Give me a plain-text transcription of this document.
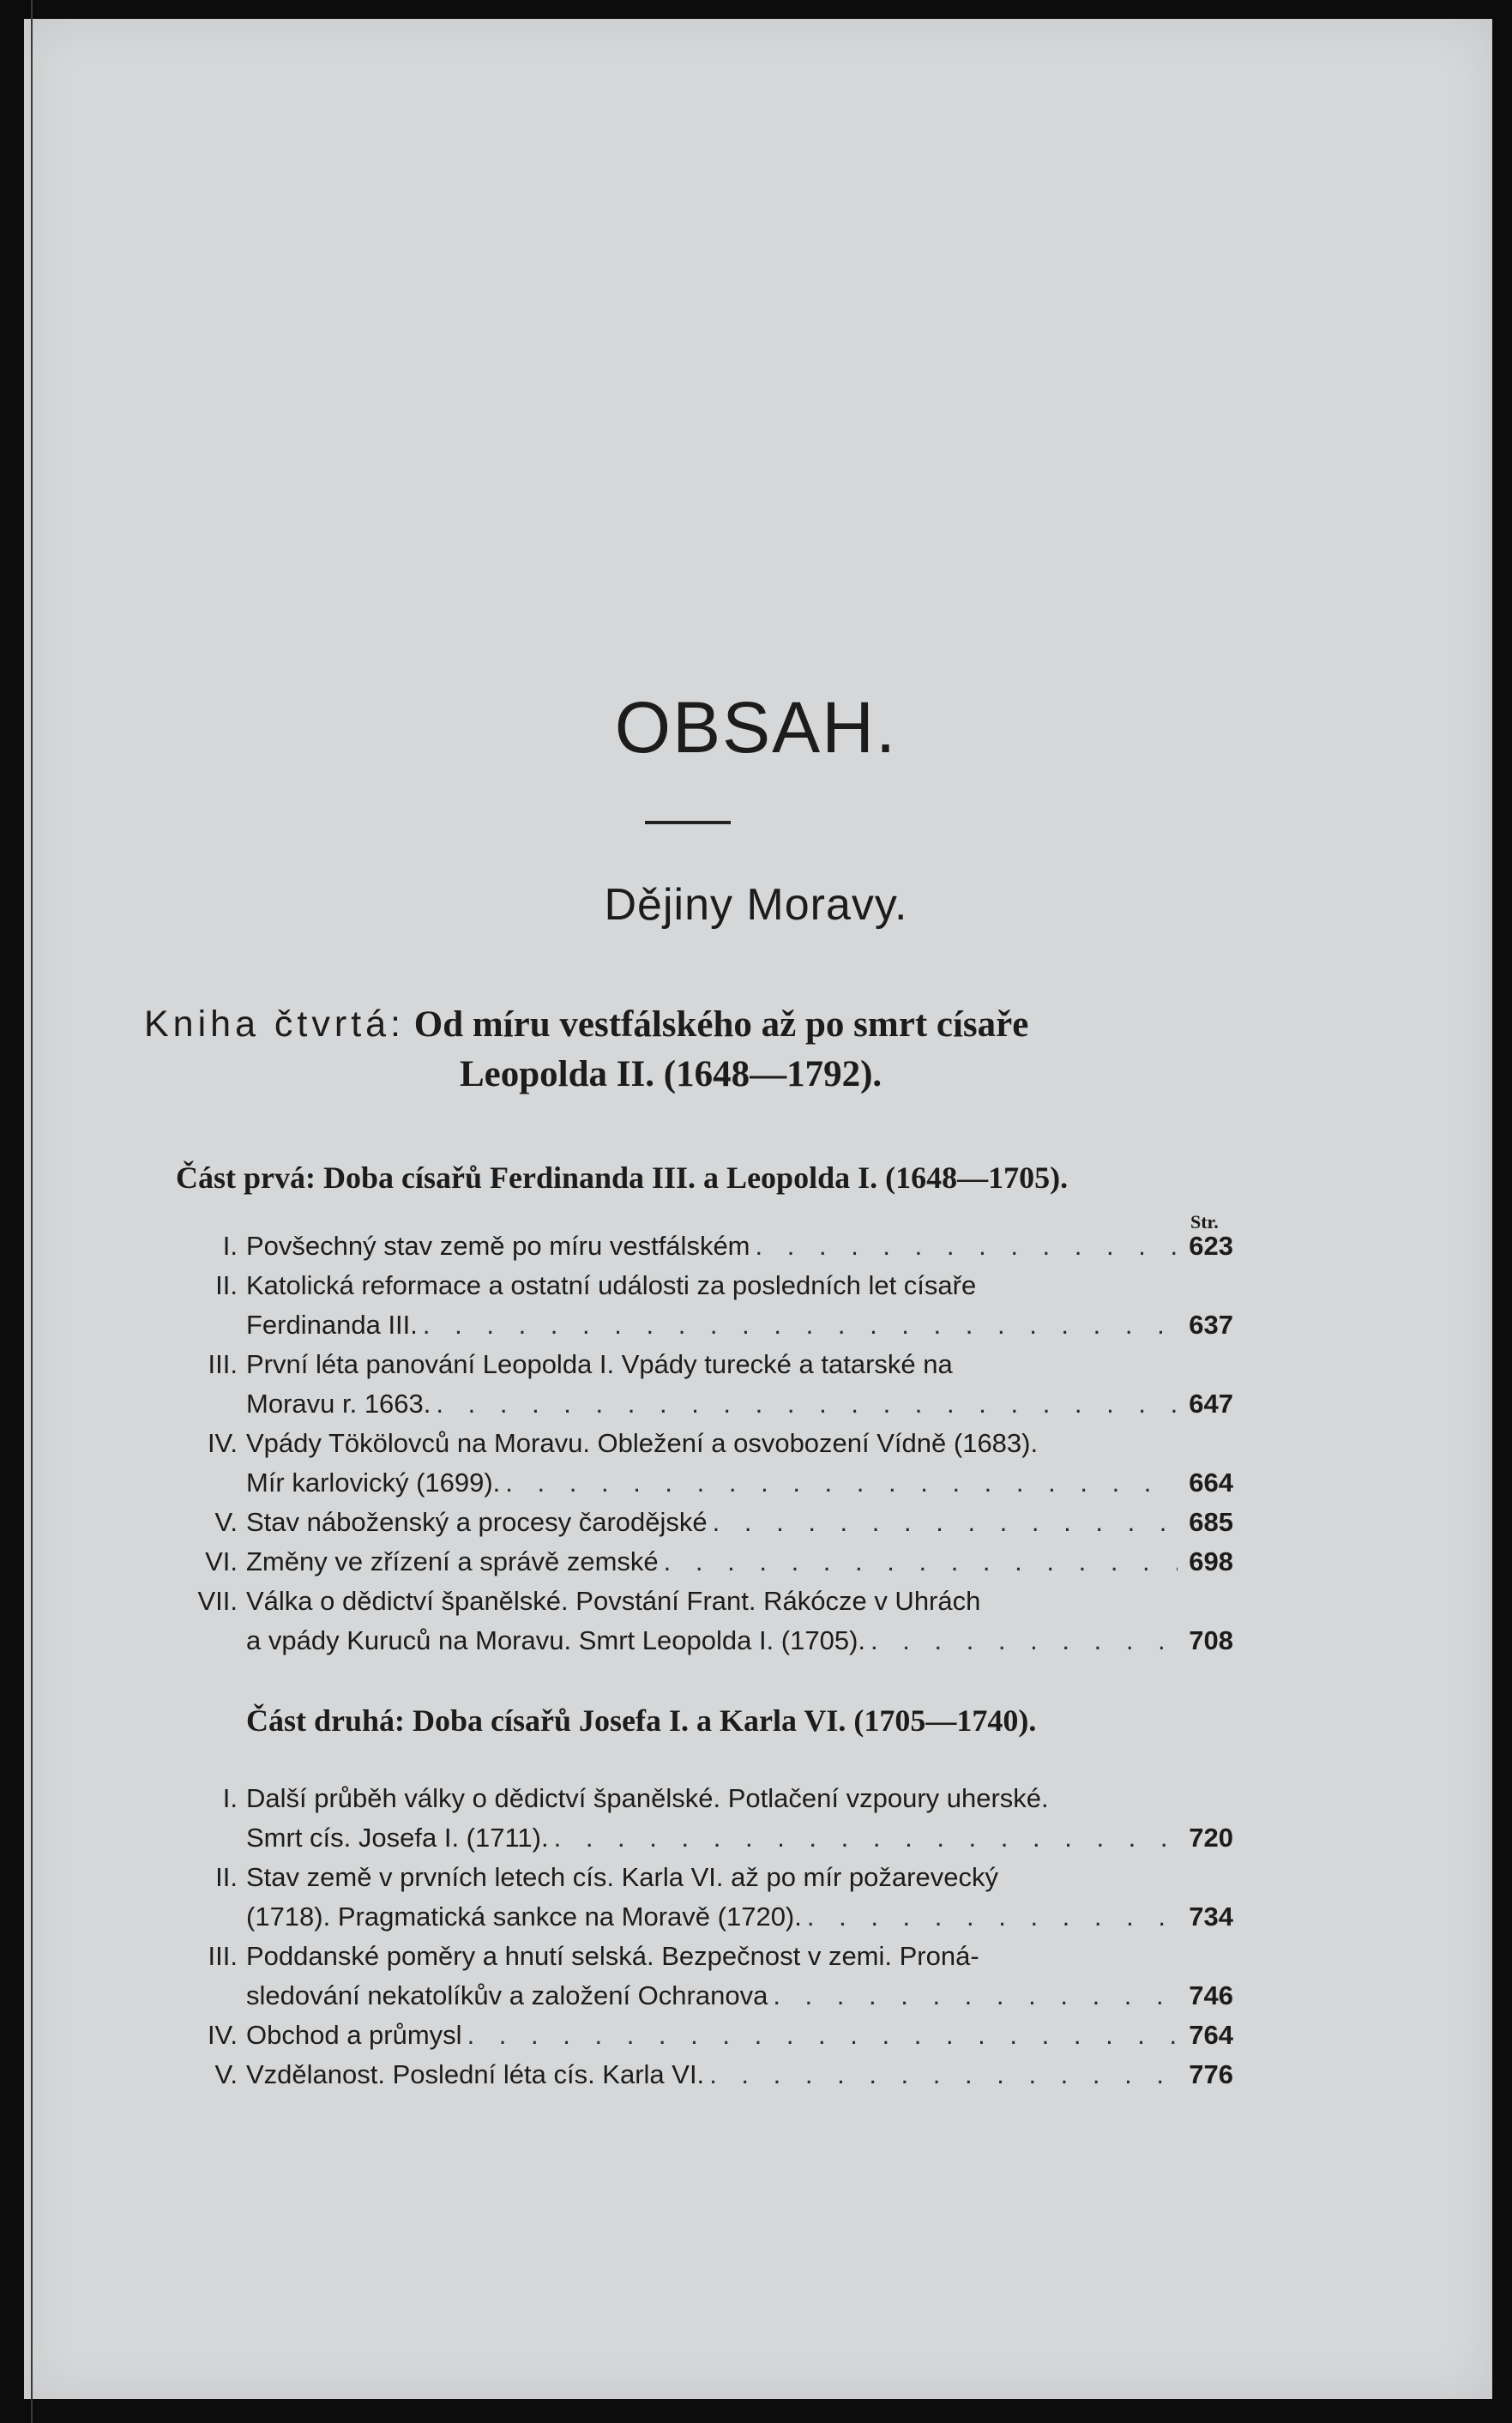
OBSAH.
Dějiny Moravy.
Kniha čtvrtá: Od míru vestfálského až po smrt císaře
Leopolda II. (1648—1792).
Část prvá: Doba císařů Ferdinanda III. a Leopolda I. (1648—1705).
Str.
I. Povšechný stav země po míru vestfálském . . .	623
II. Katolická reformace a ostatní události za posledních let císaře
Ferdinanda III. . . .	637
III. První léta panování Leopolda I. Vpády turecké a tatarské na
Moravu r. 1663. . . .	647
IV. Vpády Tökölovců na Moravu. Obležení a osvobození Vídně (1683).
Mír karlovický (1699). . . .	664
V. Stav náboženský a procesy čarodějské . . .	685
VI. Změny ve zřízení a správě zemské . . .	698
VII. Válka o dědictví španělské. Povstání Frant. Rákócze v Uhrách
a vpády Kuruců na Moravu. Smrt Leopolda I. (1705). . . .	708
Část druhá: Doba císařů Josefa I. a Karla VI. (1705—1740).
I. Další průběh války o dědictví španělské. Potlačení vzpoury uherské.
Smrt cís. Josefa I. (1711). . . .	720
II. Stav země v prvních letech cís. Karla VI. až po mír požarevecký
(1718). Pragmatická sankce na Moravě (1720). . . .	734
III. Poddanské poměry a hnutí selská. Bezpečnost v zemi. Proná-
sledování nekatolíkův a založení Ochranova . . .	746
IV. Obchod a průmysl . . .	764
V. Vzdělanost. Poslední léta cís. Karla VI. . . .	776
